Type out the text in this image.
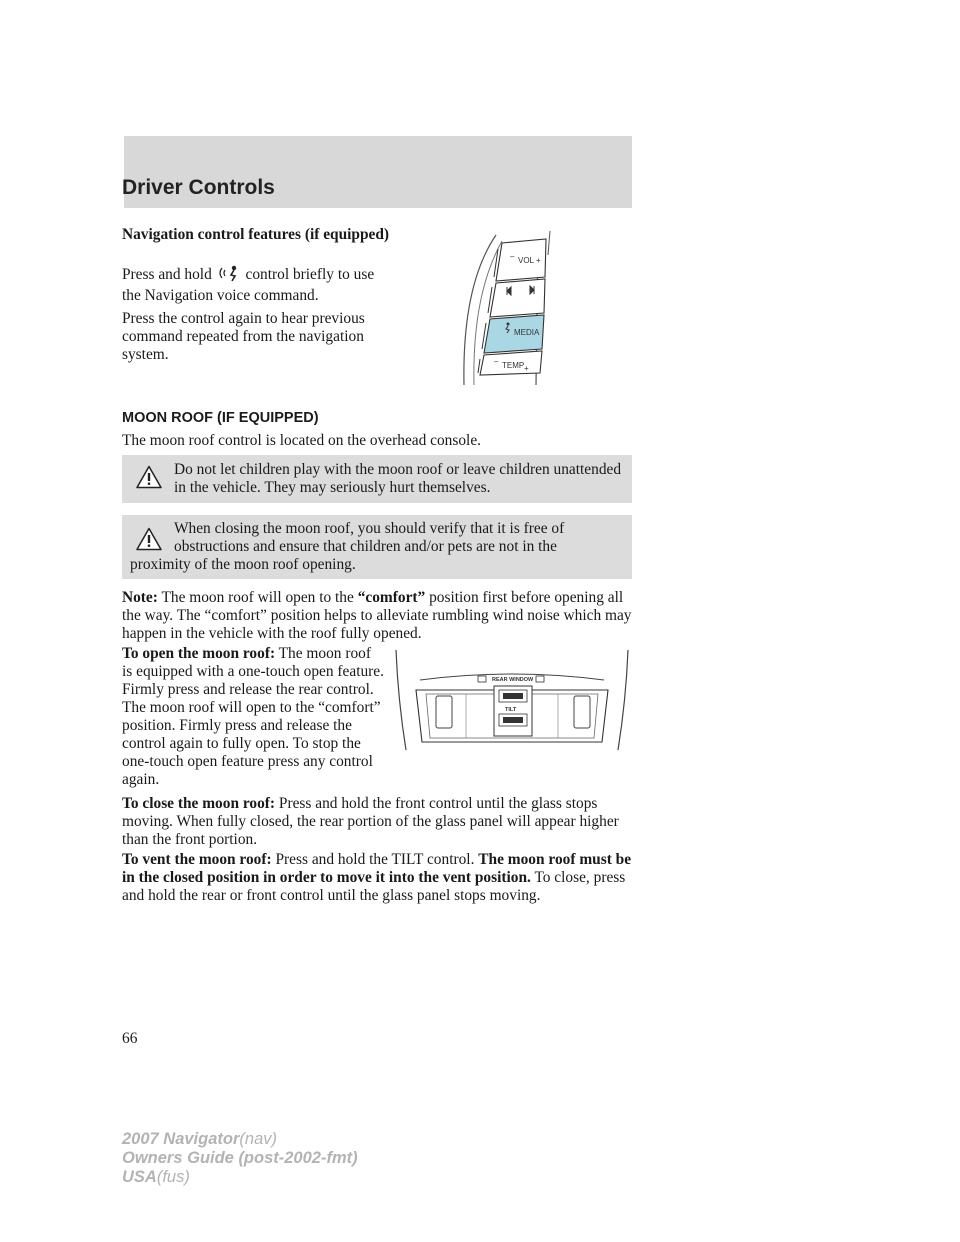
Driver Controls

Navigation control features (if equipped)

Press and hold control briefly to use the Navigation voice command.

Press the control again to hear previous command repeated from the navigation system.

– VOL +
MEDIA
– TEMP +
MOON ROOF (IF EQUIPPED)

The moon roof control is located on the overhead console.

Do not let children play with the moon roof or leave children unattended in the vehicle. They may seriously hurt themselves.
When closing the moon roof, you should verify that it is free of obstructions and ensure that children and/or pets are not in the
proximity of the moon roof opening.

Note: The moon roof will open to the “comfort” position first before opening all the way. The “comfort” position helps to alleviate rumbling wind noise which may happen in the vehicle with the roof fully opened.

To open the moon roof: The moon roof is equipped with a one-touch open feature. Firmly press and release the rear control. The moon roof will open to the “comfort” position. Firmly press and release the control again to fully open. To stop the one-touch open feature press any control again.

TILT
REAR WINDOW

To close the moon roof: Press and hold the front control until the glass stops moving. When fully closed, the rear portion of the glass panel will appear higher than the front portion.

To vent the moon roof: Press and hold the TILT control. The moon roof must be in the closed position in order to move it into the vent position. To close, press and hold the rear or front control until the glass panel stops moving.

66
2007 Navigator(nav)
Owners Guide (post-2002-fmt)
USA(fus)
